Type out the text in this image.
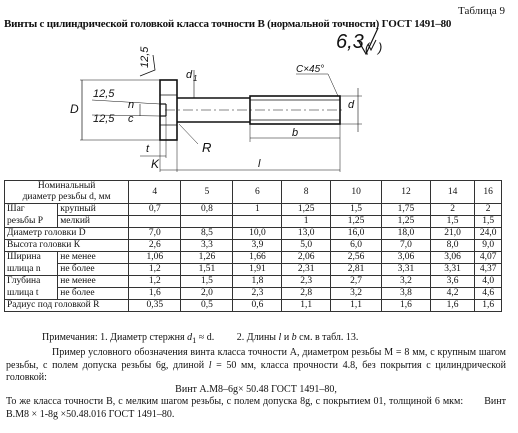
Таблица 9
Винты с цилиндрической головкой класса точности В (нормальной точности) ГОСТ 1491–80
6,3 ( )
12,5
D
12,5
12,5
n
c
d 1
C×45°
d
R
b
l
t
K
Номинальный
диаметр резьбы d, мм		4	5	6	8	10	12	14	16
Шаг	крупный	0,7	0,8	1	1,25	1,5	1,75	2	2
резьбы Р	мелкий				1	1,25	1,25	1,5	1,5
Диаметр головки D		7,0	8,5	10,0	13,0	16,0	18,0	21,0	24,0
Высота головки К		2,6	3,3	3,9	5,0	6,0	7,0	8,0	9,0
Ширина	не менее	1,06	1,26	1,66	2,06	2,56	3,06	3,06	4,07
шлица n	не более	1,2	1,51	1,91	2,31	2,81	3,31	3,31	4,37
Глубина	не менее	1,2	1,5	1,8	2,3	2,7	3,2	3,6	4,0
шлица t	не более	1,6	2,0	2,3	2,8	3,2	3,8	4,2	4,6
Радиус под головкой R		0,35	0,5	0,6	1,1	1,1	1,6	1,6	1,6

Примечания: 1. Диаметр стержня $d_1 \approx d$. 2. Длины l и b см. в табл. 13.

Пример условного обозначения винта класса точности А, диаметром резьбы М = 8 мм, с крупным шагом резьбы, с полем допуска резьбы 6g, длиной l = 50 мм, класса прочности 4.8, без покрытия с цилиндрической головкой:

Винт А.М8–6g× 50.48 ГОСТ 1491–80,

То же класса точности В, с мелким шагом резьбы, с полем допуска 8g, с покрытием 01, толщиной 6 мкм: Винт В.М8 × 1-8g ×50.48.016 ГОСТ 1491–80.
